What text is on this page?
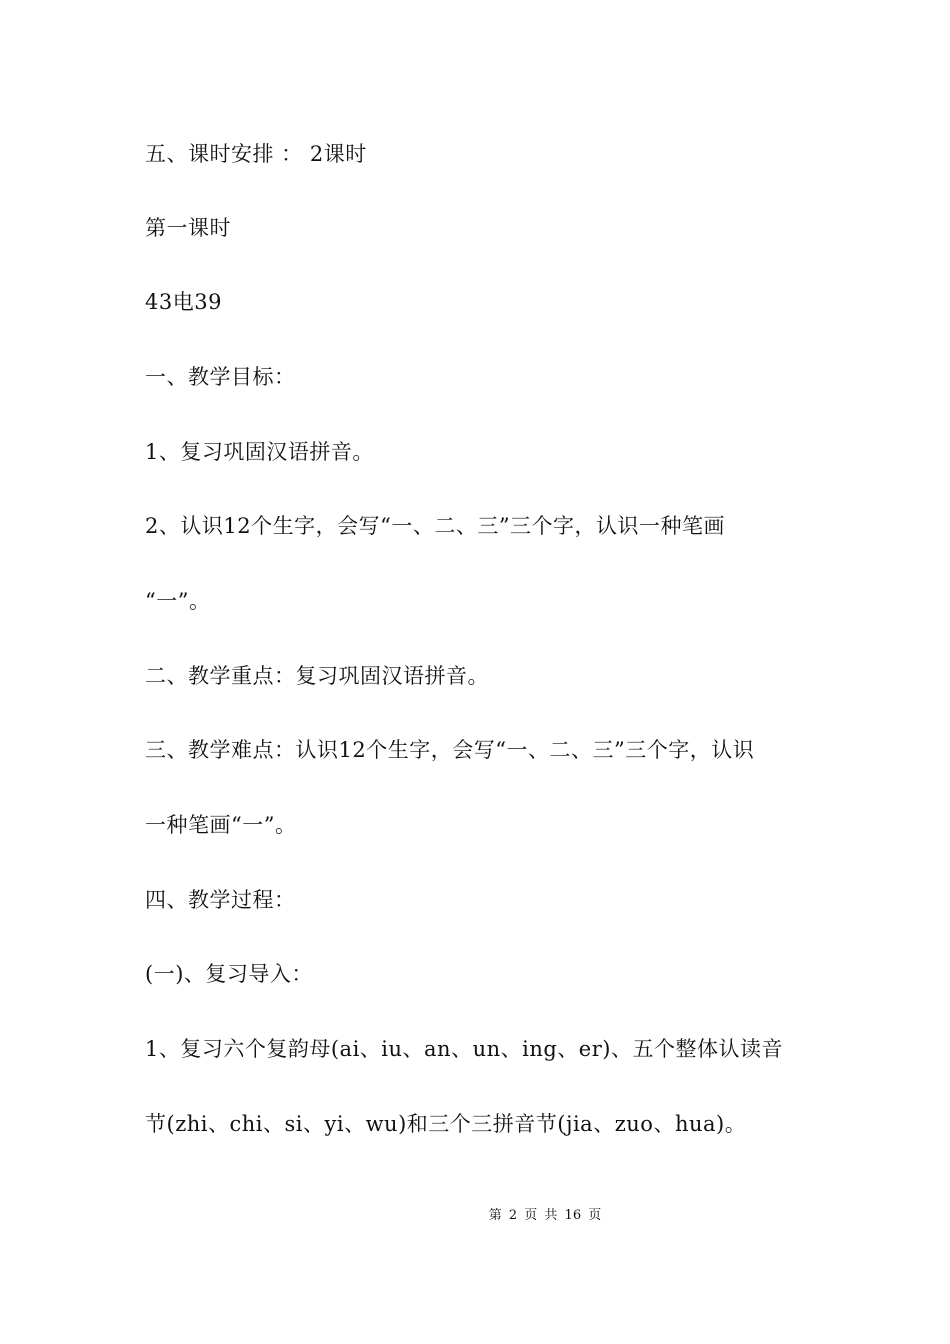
五、课时安排 ： 2课时
第一课时
43电39
一、教学目标：
1、复习巩固汉语拼音。
2、认识12个生字，会写“一、二、三”三个字，认识一种笔画
“一”。
二、教学重点：复习巩固汉语拼音。
三、教学难点：认识12个生字，会写“一、二、三”三个字，认识
一种笔画“一”。
四、教学过程：
(一)、复习导入：
1、复习六个复韵母(ai、iu、an、un、ing、er)、五个整体认读音
节(zhi、chi、si、yi、wu)和三个三拼音节(jia、zuo、hua)。
第 2 页 共 16 页
